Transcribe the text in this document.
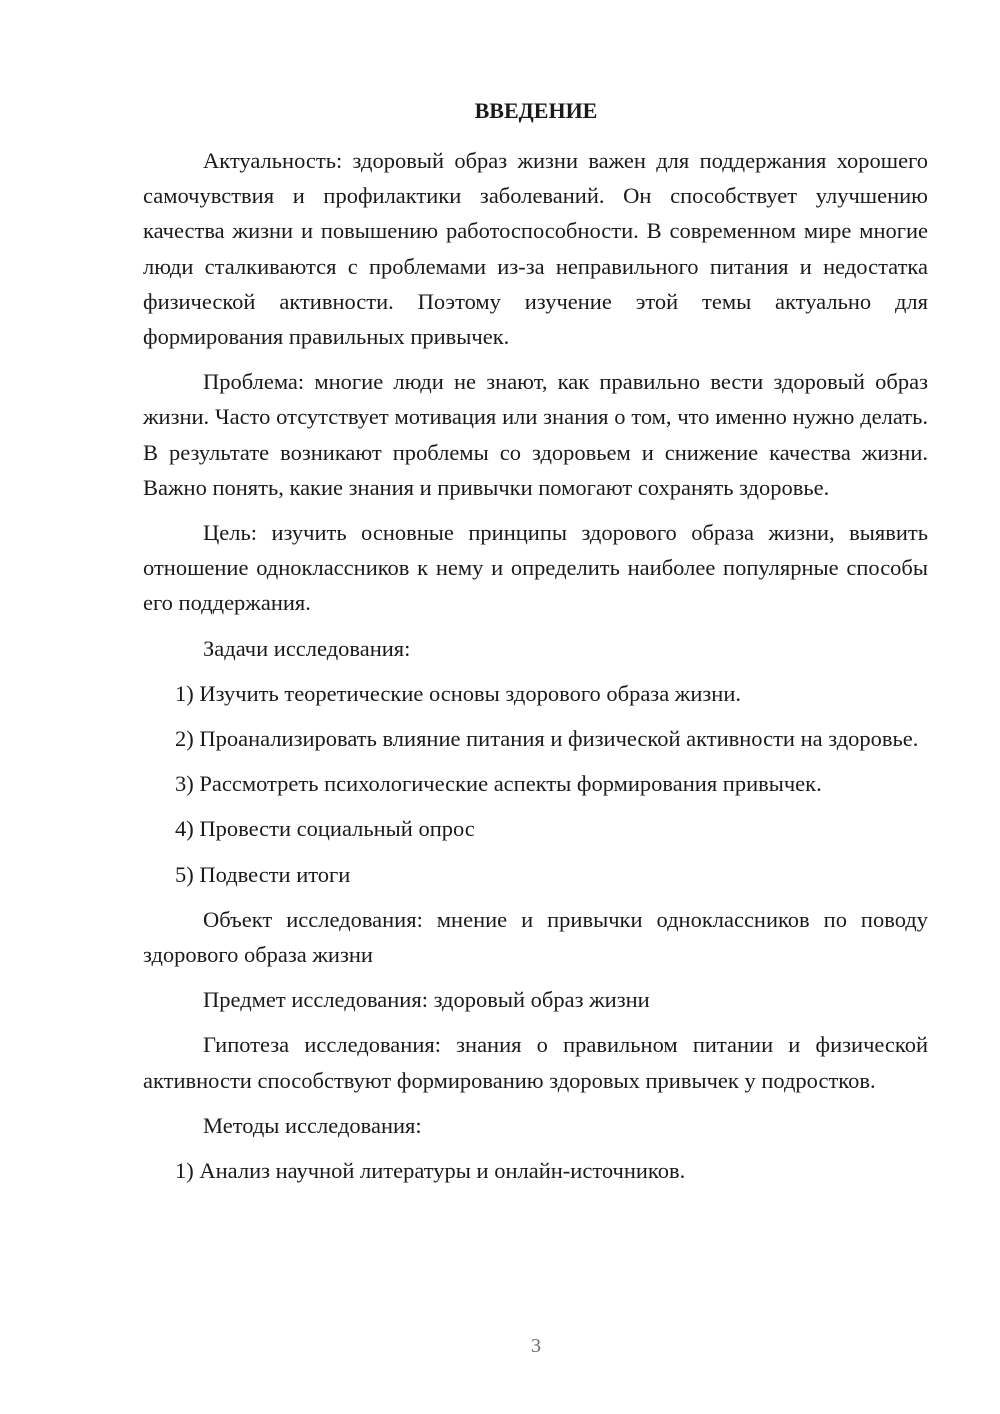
ВВЕДЕНИЕ

Актуальность: здоровый образ жизни важен для поддержания хорошего самочувствия и профилактики заболеваний. Он способствует улучшению качества жизни и повышению работоспособности. В современном мире многие люди сталкиваются с проблемами из-за неправильного питания и недостатка физической активности. Поэтому изучение этой темы актуально для формирования правильных привычек.

Проблема: многие люди не знают, как правильно вести здоровый образ жизни. Часто отсутствует мотивация или знания о том, что именно нужно делать. В результате возникают проблемы со здоровьем и снижение качества жизни. Важно понять, какие знания и привычки помогают сохранять здоровье.

Цель: изучить основные принципы здорового образа жизни, выявить отношение одноклассников к нему и определить наиболее популярные способы его поддержания.

Задачи исследования:

1) Изучить теоретические основы здорового образа жизни.

2) Проанализировать влияние питания и физической активности на здоровье.

3) Рассмотреть психологические аспекты формирования привычек.

4) Провести социальный опрос

5) Подвести итоги

Объект исследования: мнение и привычки одноклассников по поводу здорового образа жизни

Предмет исследования: здоровый образ жизни

Гипотеза исследования: знания о правильном питании и физической активности способствуют формированию здоровых привычек у подростков.

Методы исследования:

1) Анализ научной литературы и онлайн-источников.

3
